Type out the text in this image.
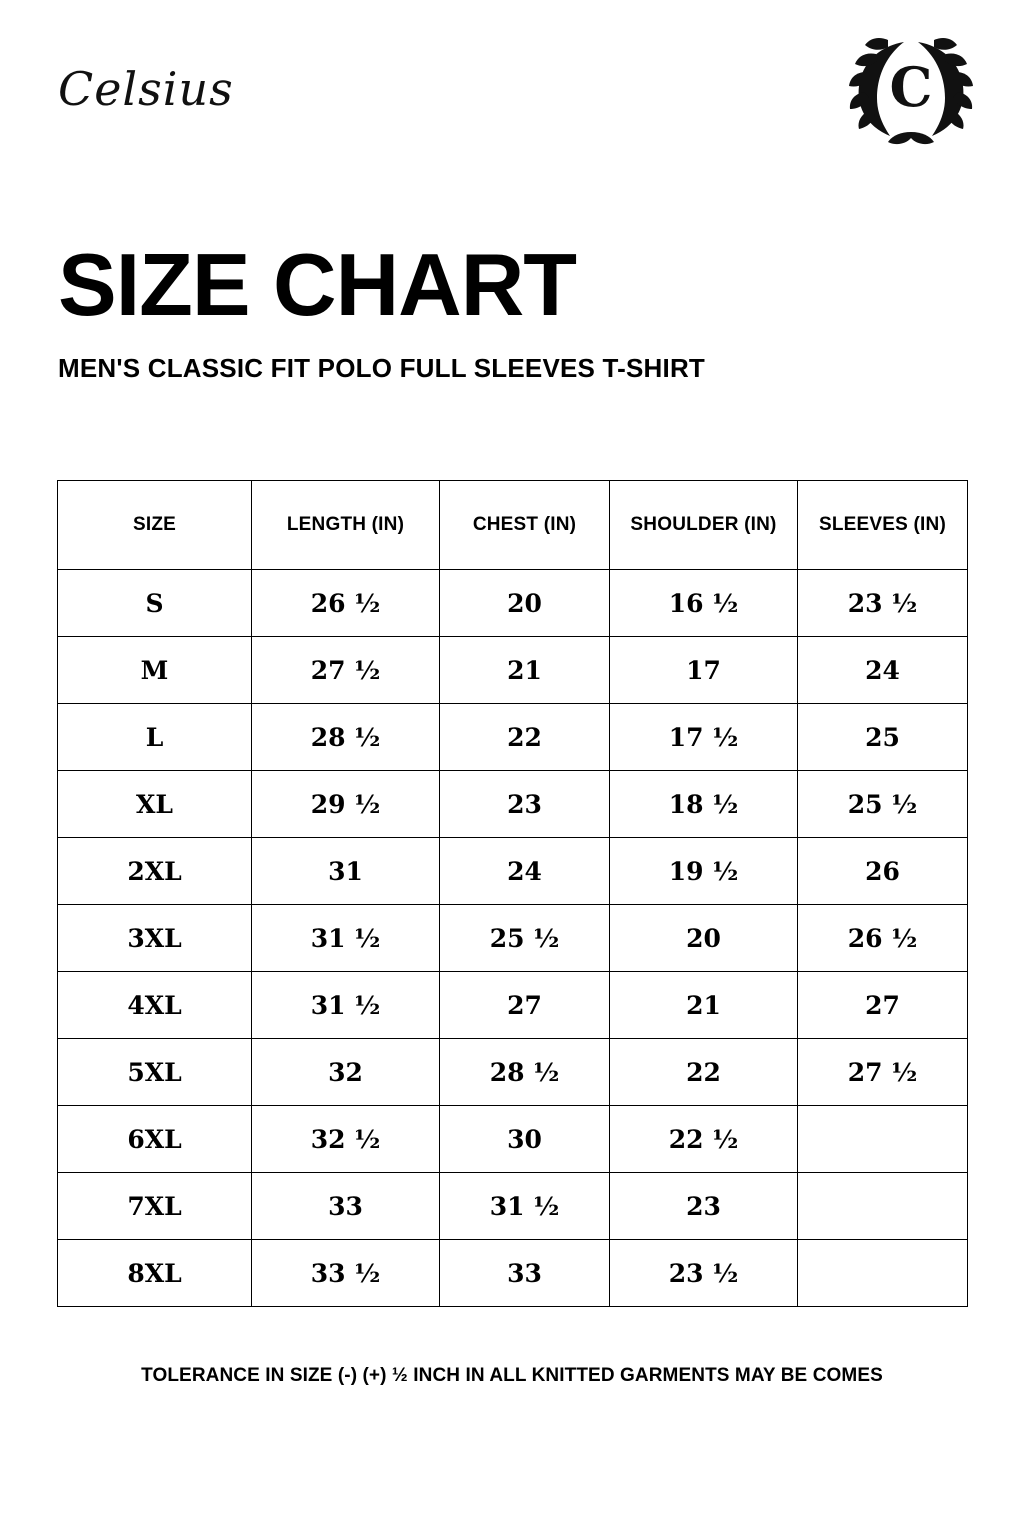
Celsius	C
SIZE CHART
MEN'S CLASSIC FIT POLO FULL SLEEVES T-SHIRT
SIZE	LENGTH (IN)	CHEST (IN)	SHOULDER (IN)	SLEEVES (IN)
S	26 ½	20	16 ½	23 ½
M	27 ½	21	17	24
L	28 ½	22	17 ½	25
XL	29 ½	23	18 ½	25 ½
2XL	31	24	19 ½	26
3XL	31 ½	25 ½	20	26 ½
4XL	31 ½	27	21	27
5XL	32	28 ½	22	27 ½
6XL	32 ½	30	22 ½	
7XL	33	31 ½	23	
8XL	33 ½	33	23 ½	
TOLERANCE IN SIZE (-) (+) ½ INCH IN ALL KNITTED GARMENTS MAY BE COMES
